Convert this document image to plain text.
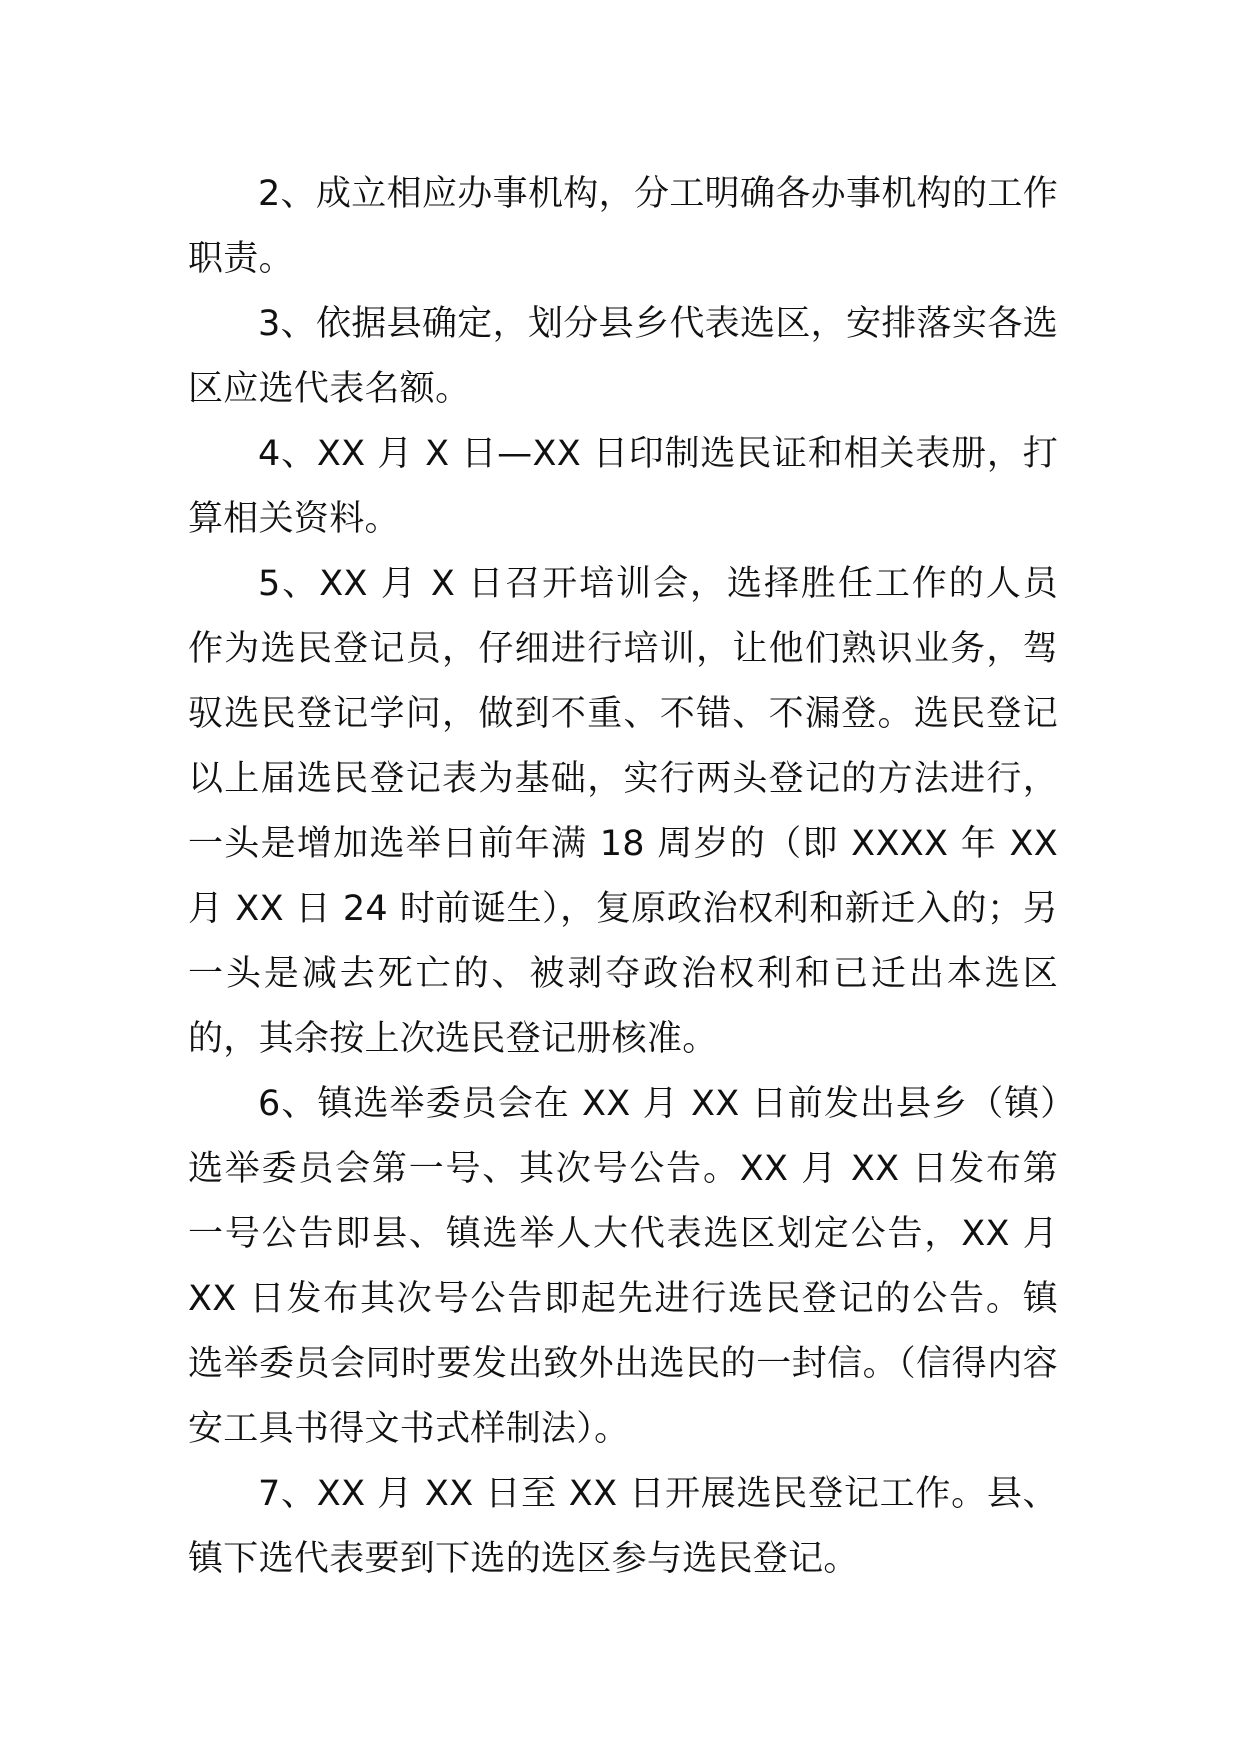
2、成立相应办事机构，分工明确各办事机构的工作职责。

3、依据县确定，划分县乡代表选区，安排落实各选区应选代表名额。

4、XX 月 X 日—XX 日印制选民证和相关表册，打算相关资料。

5、XX 月 X 日召开培训会，选择胜任工作的人员作为选民登记员，仔细进行培训，让他们熟识业务，驾驭选民登记学问，做到不重、不错、不漏登。选民登记以上届选民登记表为基础，实行两头登记的方法进行，一头是增加选举日前年满 18 周岁的（即 XXXX 年 XX 月 XX 日 24 时前诞生），复原政治权利和新迁入的；另一头是减去死亡的、被剥夺政治权利和已迁出本选区的，其余按上次选民登记册核准。

6、镇选举委员会在 XX 月 XX 日前发出县乡（镇）选举委员会第一号、其次号公告。XX 月 XX 日发布第一号公告即县、镇选举人大代表选区划定公告，XX 月 XX 日发布其次号公告即起先进行选民登记的公告。镇选举委员会同时要发出致外出选民的一封信。（信得内容安工具书得文书式样制法）。

7、XX 月 XX 日至 XX 日开展选民登记工作。县、镇下选代表要到下选的选区参与选民登记。
